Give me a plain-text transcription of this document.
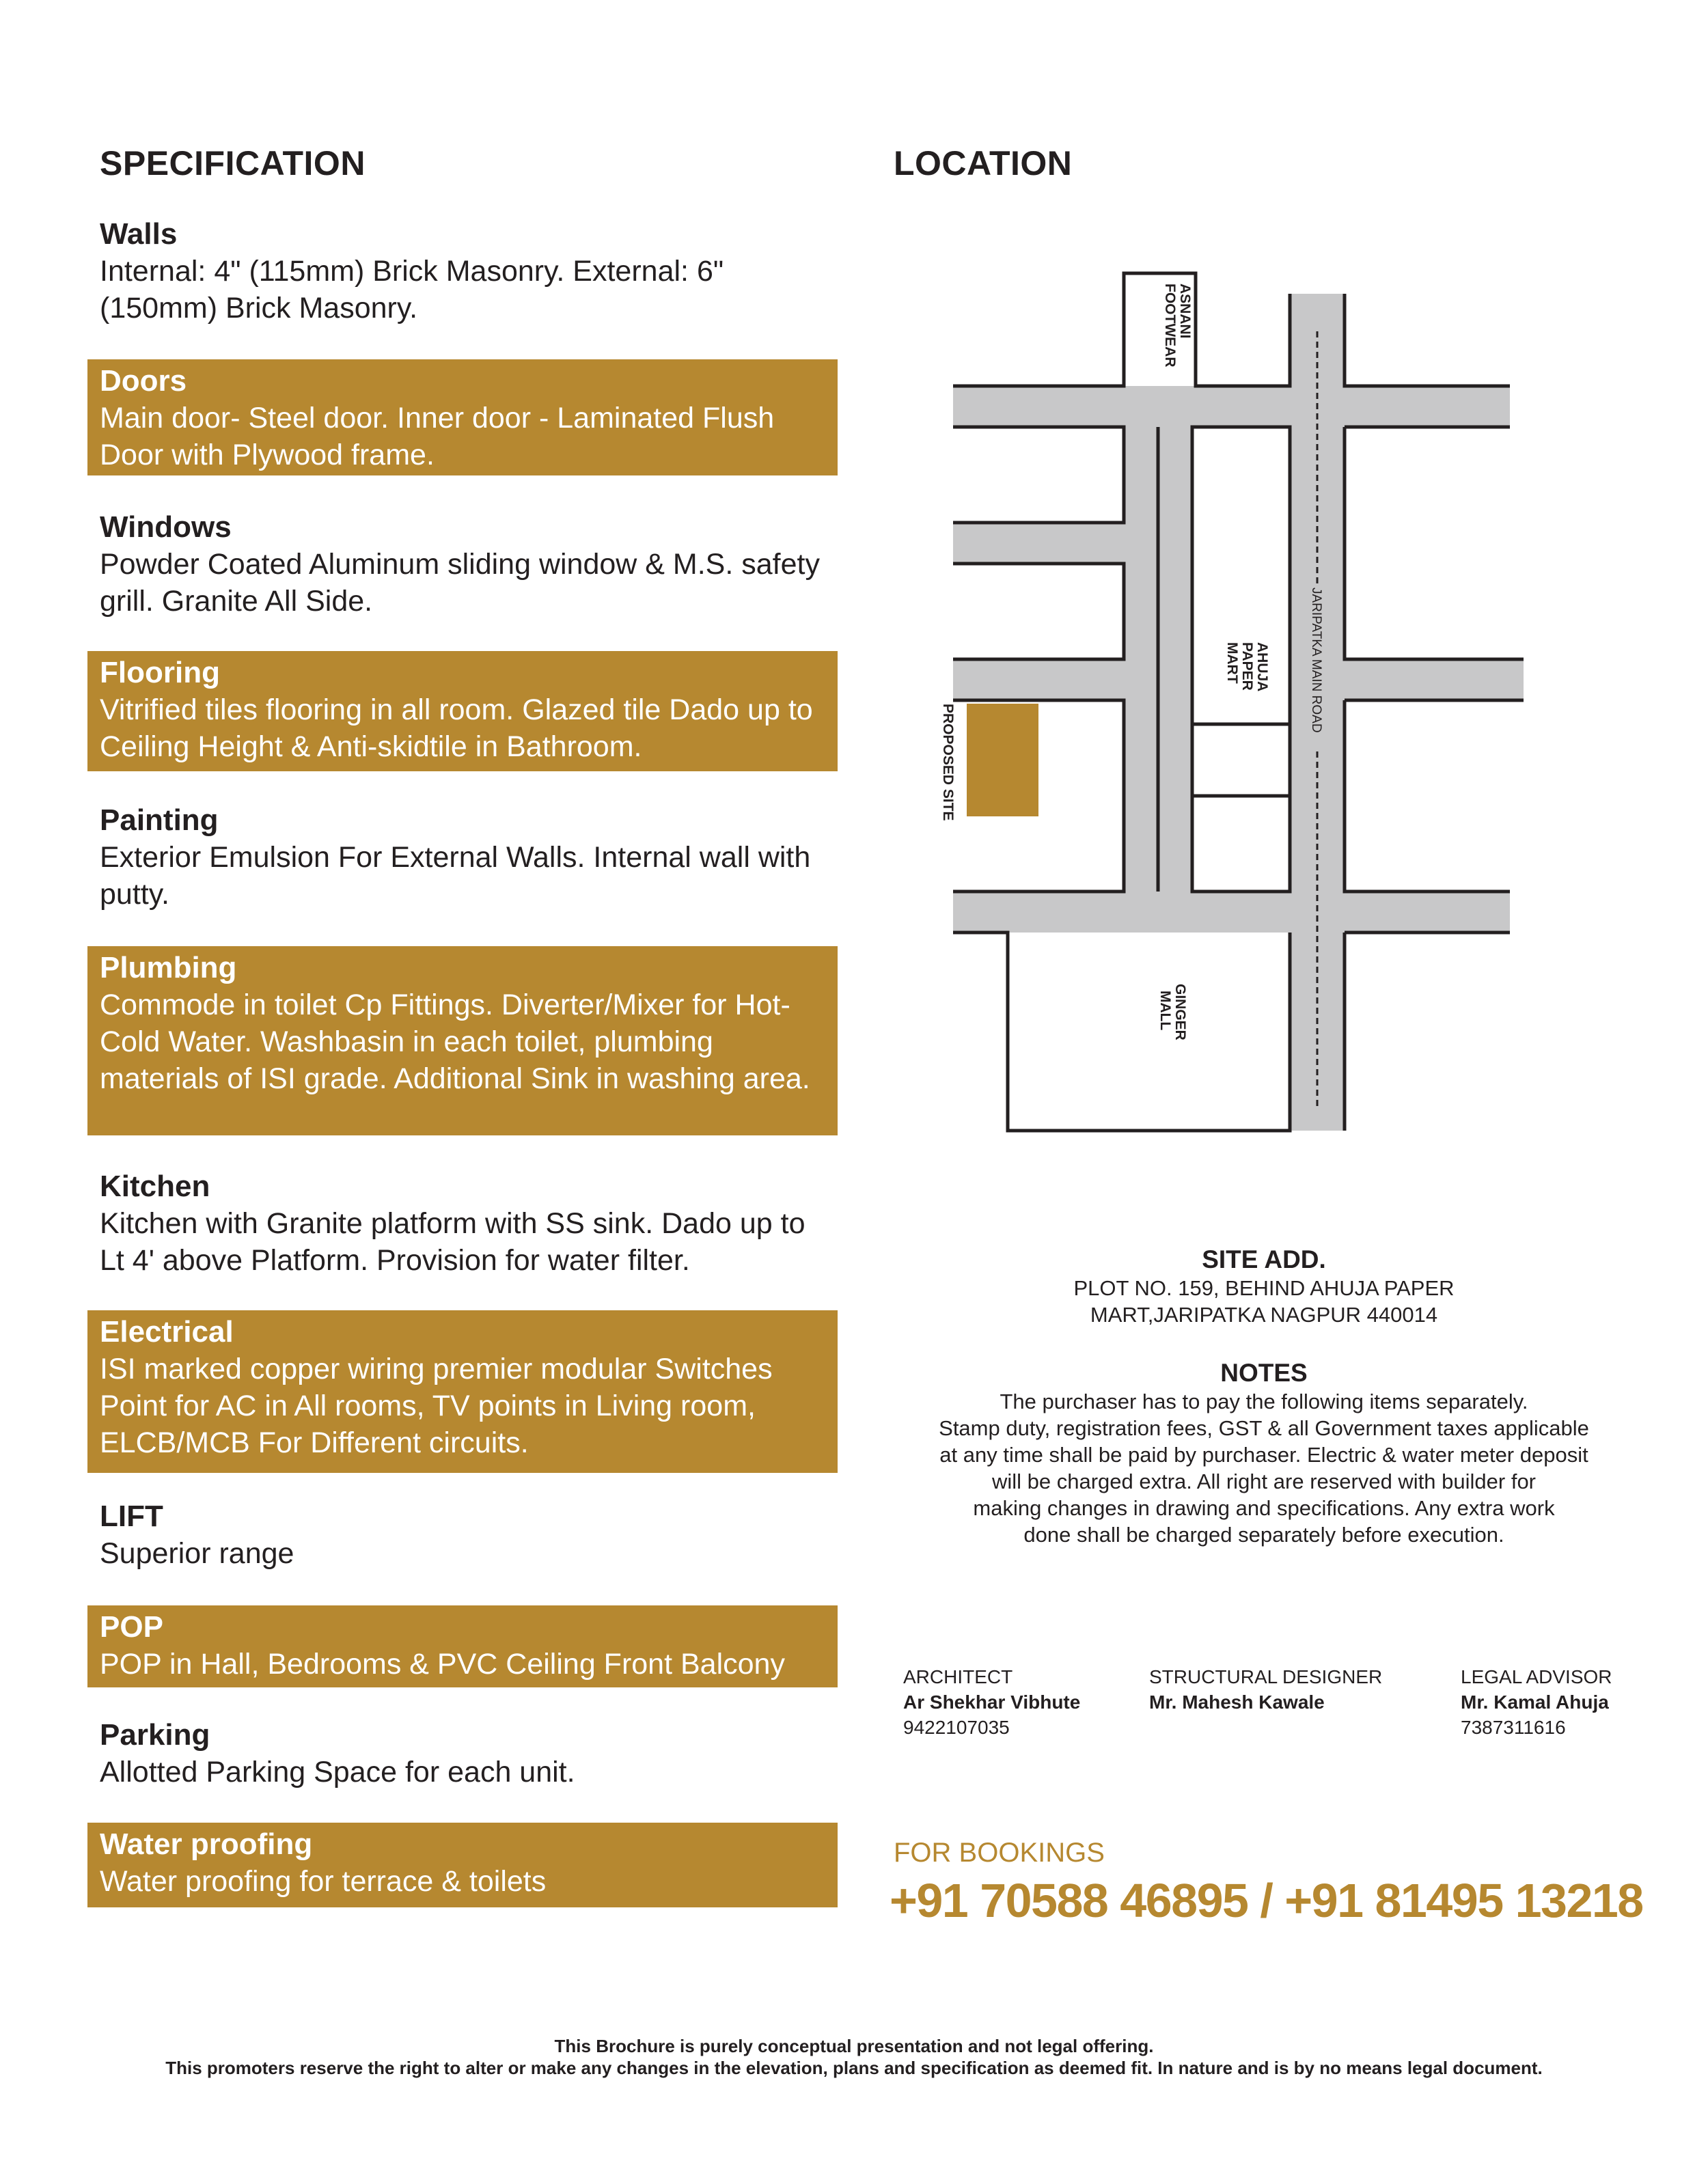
SPECIFICATION	LOCATION
Walls
Internal: 4" (115mm) Brick Masonry. External: 6" (150mm) Brick Masonry.
Doors
Main door- Steel door. Inner door - Laminated Flush Door with Plywood frame.
Windows
Powder Coated Aluminum sliding window & M.S. safety grill. Granite All Side.
Flooring
Vitrified tiles flooring in all room. Glazed tile Dado up to Ceiling Height & Anti-skidtile in Bathroom.
Painting
Exterior Emulsion For External Walls. Internal wall with putty.
Plumbing
Commode in toilet Cp Fittings. Diverter/Mixer for Hot-Cold Water. Washbasin in each toilet, plumbing materials of ISI grade. Additional Sink in washing area.
Kitchen
Kitchen with Granite platform with SS sink. Dado up to Lt 4' above Platform. Provision for water filter.
Electrical
ISI marked copper wiring premier modular Switches Point for AC in All rooms, TV points in Living room, ELCB/MCB For Different circuits.
LIFT
Superior range
POP
POP in Hall, Bedrooms & PVC Ceiling Front Balcony
Parking
Allotted Parking Space for each unit.
Water proofing
Water proofing for terrace & toilets
ASNANI
FOOTWEAR
AHUJA
PAPER
MART
PROPOSED SITE
GINGER
MALL
JARIPATKA MAIN ROAD
SITE ADD.
PLOT NO. 159, BEHIND AHUJA PAPER
MART,JARIPATKA NAGPUR 440014
NOTES
The purchaser has to pay the following items separately.
Stamp duty, registration fees, GST & all Government taxes applicable
at any time shall be paid by purchaser. Electric & water meter deposit
will be charged extra. All right are reserved with builder for
making changes in drawing and specifications. Any extra work
done shall be charged separately before execution.
ARCHITECT
Ar Shekhar Vibhute
9422107035
STRUCTURAL DESIGNER
Mr. Mahesh Kawale
LEGAL ADVISOR
Mr. Kamal Ahuja
7387311616
FOR BOOKINGS
+91 70588 46895 / +91 81495 13218
This Brochure is purely conceptual presentation and not legal offering.
This promoters reserve the right to alter or make any changes in the elevation, plans and specification as deemed fit. In nature and is by no means legal document.
